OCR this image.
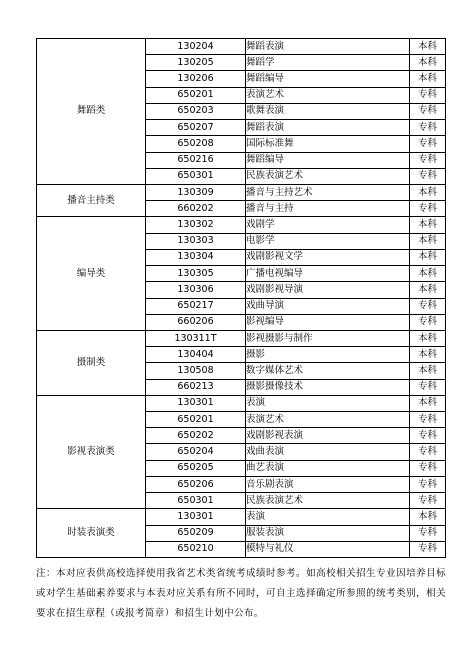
舞蹈类	130204	舞蹈表演	本科
	130205	舞蹈学	本科
	130206	舞蹈编导	本科
	650201	表演艺术	专科
	650203	歌舞表演	专科
	650207	舞蹈表演	专科
	650208	国际标准舞	专科
	650216	舞蹈编导	专科
	650301	民族表演艺术	专科
播音主持类	130309	播音与主持艺术	本科
	660202	播音与主持	专科
编导类	130302	戏剧学	本科
	130303	电影学	本科
	130304	戏剧影视文学	本科
	130305	广播电视编导	本科
	130306	戏剧影视导演	本科
	650217	戏曲导演	专科
	660206	影视编导	专科
摄制类	130311T	影视摄影与制作	本科
	130404	摄影	本科
	130508	数字媒体艺术	本科
	660213	摄影摄像技术	专科
影视表演类	130301	表演	本科
	650201	表演艺术	专科
	650202	戏剧影视表演	专科
	650204	戏曲表演	专科
	650205	曲艺表演	专科
	650206	音乐剧表演	专科
	650301	民族表演艺术	专科
时装表演类	130301	表演	本科
	650209	服装表演	专科
	650210	模特与礼仪	专科
注：本对应表供高校选择使用我省艺术类省统考成绩时参考。如高校相关招生专业因培养目标或对学生基础素养要求与本表对应关系有所不同时，可自主选择确定所参照的统考类别，相关要求在招生章程（或报考简章）和招生计划中公布。
